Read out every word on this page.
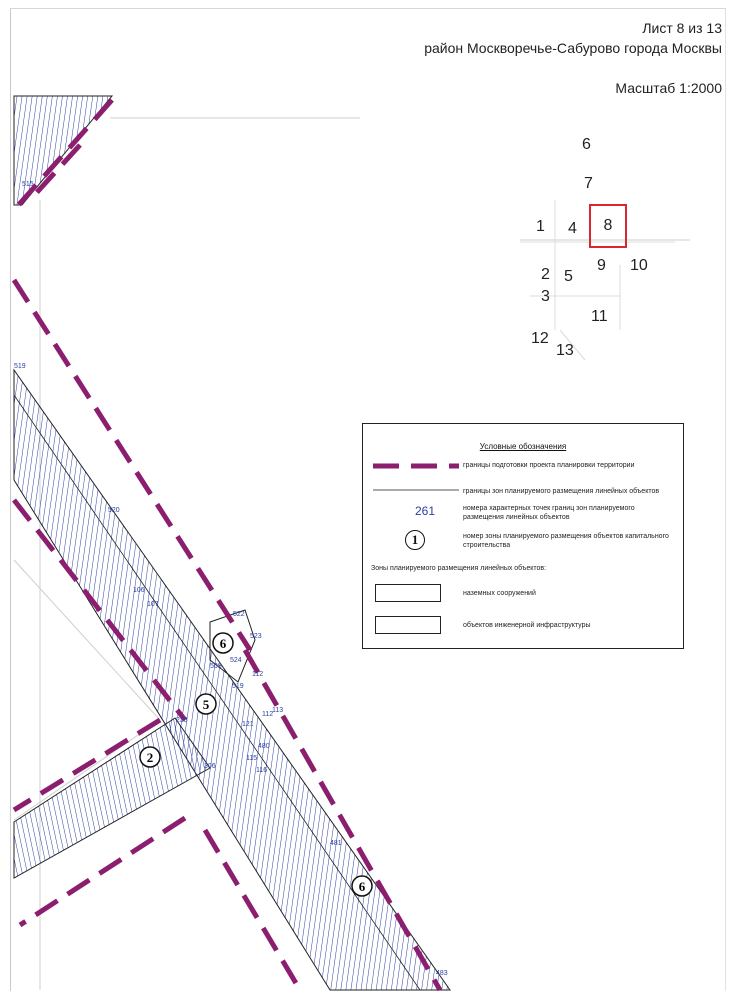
Лист 8 из 13
район Москворечье-Сабурово города Москвы
Масштаб 1:2000
515
519
520
106
107
522
523
524
508
519
112
112
113
121
480
115
116
481
483
238
306
6
5
2
6
6
7
1 4 8
2 5
9 10
3
11
12
13
Условные обозначения
границы подготовки проекта планировки территории
границы зон планируемого размещения линейных объектов
261	номера характерных точек границ зон планируемого размещения линейных объектов
1	номер зоны планируемого размещения объектов капитального строительства
Зоны планируемого размещения линейных объектов:
наземных сооружений
объектов инженерной инфраструктуры
